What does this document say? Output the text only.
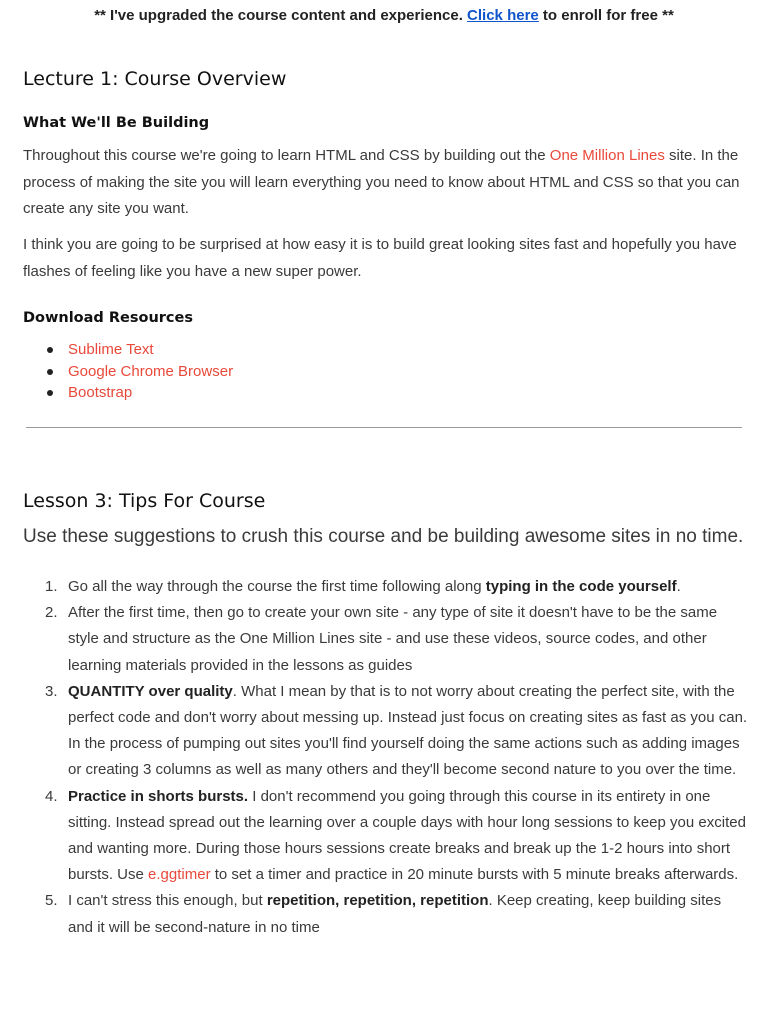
** I've upgraded the course content and experience. Click here to enroll for free **
Lecture 1: Course Overview
What We'll Be Building

Throughout this course we're going to learn HTML and CSS by building out the One Million Lines site. In the process of making the site you will learn everything you need to know about HTML and CSS so that you can create any site you want.

I think you are going to be surprised at how easy it is to build great looking sites fast and hopefully you have flashes of feeling like you have a new super power.

Download Resources
Sublime Text
Google Chrome Browser
Bootstrap
Lesson 3: Tips For Course

Use these suggestions to crush this course and be building awesome sites in no time.

1. Go all the way through the course the first time following along typing in the code yourself.
2. After the first time, then go to create your own site - any type of site it doesn't have to be the same style and structure as the One Million Lines site - and use these videos, source codes, and other learning materials provided in the lessons as guides
3. QUANTITY over quality. What I mean by that is to not worry about creating the perfect site, with the perfect code and don't worry about messing up. Instead just focus on creating sites as fast as you can. In the process of pumping out sites you'll find yourself doing the same actions such as adding images or creating 3 columns as well as many others and they'll become second nature to you over the time.
4. Practice in shorts bursts. I don't recommend you going through this course in its entirety in one sitting. Instead spread out the learning over a couple days with hour long sessions to keep you excited and wanting more. During those hours sessions create breaks and break up the 1-2 hours into short bursts. Use e.ggtimer to set a timer and practice in 20 minute bursts with 5 minute breaks afterwards.
5. I can't stress this enough, but repetition, repetition, repetition. Keep creating, keep building sites and it will be second-nature in no time
